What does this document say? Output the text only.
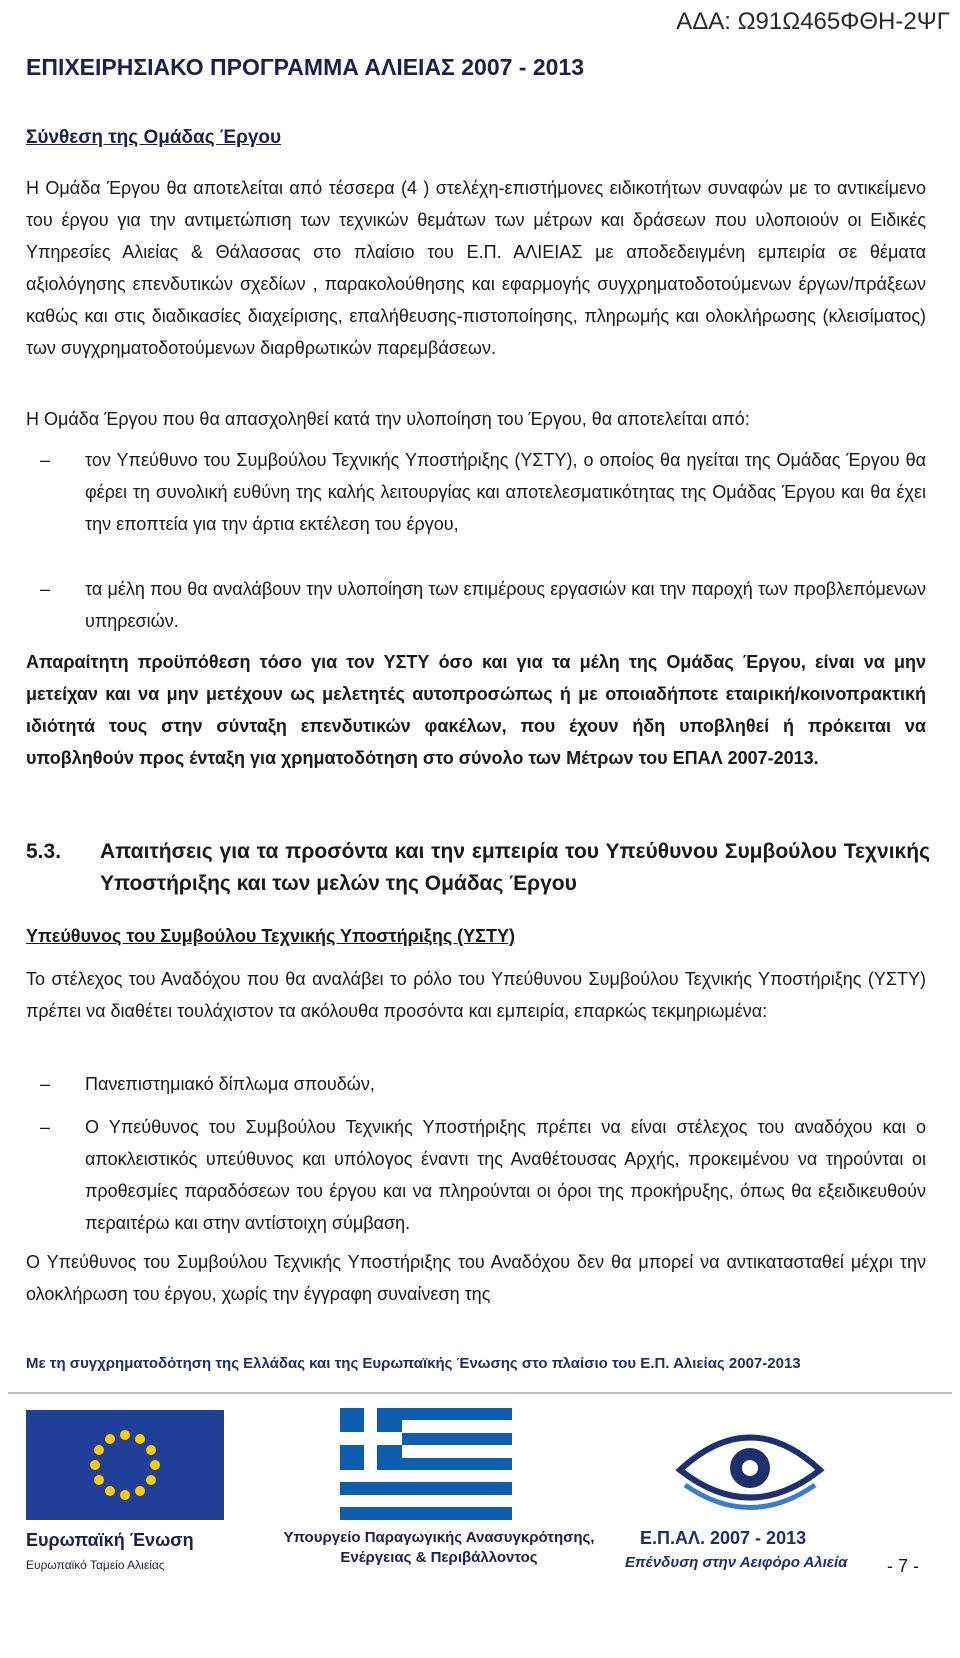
ΑΔΑ: Ω91Ω465ΦΘΗ-2ΨΓ
ΕΠΙΧΕΙΡΗΣΙΑΚΟ ΠΡΟΓΡΑΜΜΑ ΑΛΙΕΙΑΣ 2007 - 2013
Σύνθεση της Ομάδας Έργου
Η Ομάδα Έργου θα αποτελείται από τέσσερα (4 ) στελέχη-επιστήμονες ειδικοτήτων συναφών με το αντικείμενο του έργου για την αντιμετώπιση των τεχνικών θεμάτων των μέτρων και δράσεων που υλοποιούν οι Ειδικές Υπηρεσίες Αλιείας & Θάλασσας στο πλαίσιο του Ε.Π. ΑΛΙΕΙΑΣ με αποδεδειγμένη εμπειρία σε θέματα αξιολόγησης επενδυτικών σχεδίων , παρακολούθησης και εφαρμογής συγχρηματοδοτούμενων έργων/πράξεων καθώς και στις διαδικασίες διαχείρισης, επαλήθευσης-πιστοποίησης, πληρωμής και ολοκλήρωσης (κλεισίματος) των συγχρηματοδοτούμενων διαρθρωτικών παρεμβάσεων.
Η Ομάδα Έργου που θα απασχοληθεί κατά την υλοποίηση του Έργου, θα αποτελείται από:
– τον Υπεύθυνο του Συμβούλου Τεχνικής Υποστήριξης (ΥΣΤΥ), ο οποίος θα ηγείται της Ομάδας Έργου θα φέρει τη συνολική ευθύνη της καλής λειτουργίας και αποτελεσματικότητας της Ομάδας Έργου και θα έχει την εποπτεία για την άρτια εκτέλεση του έργου,
– τα μέλη που θα αναλάβουν την υλοποίηση των επιμέρους εργασιών και την παροχή των προβλεπόμενων υπηρεσιών.
Απαραίτητη προϋπόθεση τόσο για τον ΥΣΤΥ όσο και για τα μέλη της Ομάδας Έργου, είναι να μην μετείχαν και να μην μετέχουν ως μελετητές αυτοπροσώπως ή με οποιαδήποτε εταιρική/κοινοπρακτική ιδιότητά τους στην σύνταξη επενδυτικών φακέλων, που έχουν ήδη υποβληθεί ή πρόκειται να υποβληθούν προς ένταξη για χρηματοδότηση στο σύνολο των Μέτρων του ΕΠΑΛ 2007-2013.
5.3. Απαιτήσεις για τα προσόντα και την εμπειρία του Υπεύθυνου Συμβούλου Τεχνικής Υποστήριξης και των μελών της Ομάδας Έργου
Υπεύθυνος του Συμβούλου Τεχνικής Υποστήριξης (ΥΣΤΥ)
Το στέλεχος του Αναδόχου που θα αναλάβει το ρόλο του Υπεύθυνου Συμβούλου Τεχνικής Υποστήριξης (ΥΣΤΥ) πρέπει να διαθέτει τουλάχιστον τα ακόλουθα προσόντα και εμπειρία, επαρκώς τεκμηριωμένα:
– Πανεπιστημιακό δίπλωμα σπουδών,
– Ο Υπεύθυνος του Συμβούλου Τεχνικής Υποστήριξης πρέπει να είναι στέλεχος του αναδόχου και ο αποκλειστικός υπεύθυνος και υπόλογος έναντι της Αναθέτουσας Αρχής, προκειμένου να τηρούνται οι προθεσμίες παραδόσεων του έργου και να πληρούνται οι όροι της προκήρυξης, όπως θα εξειδικευθούν περαιτέρω και στην αντίστοιχη σύμβαση.
Ο Υπεύθυνος του Συμβούλου Τεχνικής Υποστήριξης του Αναδόχου δεν θα μπορεί να αντικατασταθεί μέχρι την ολοκλήρωση του έργου, χωρίς την έγγραφη συναίνεση της
Με τη συγχρηματοδότηση της Ελλάδας και της Ευρωπαϊκής Ένωσης στο πλαίσιο του Ε.Π. Αλιείας 2007-2013
Ευρωπαϊκή Ένωση
Ευρωπαϊκό Ταμείο Αλιείας
Υπουργείο Παραγωγικής Ανασυγκρότησης,
Ενέργειας & Περιβάλλοντος
Ε.Π.ΑΛ. 2007 - 2013
Επένδυση στην Αειφόρο Αλιεία - 7 -
